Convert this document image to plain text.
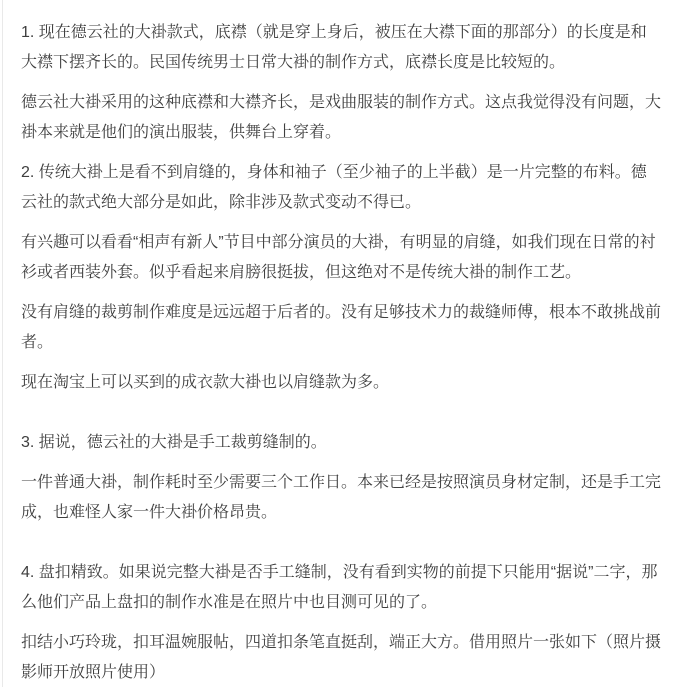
1. 现在德云社的大褂款式，底襟（就是穿上身后，被压在大襟下面的那部分）的长度是和大襟下摆齐长的。民国传统男士日常大褂的制作方式，底襟长度是比较短的。

德云社大褂采用的这种底襟和大襟齐长，是戏曲服装的制作方式。这点我觉得没有问题，大褂本来就是他们的演出服装，供舞台上穿着。

2. 传统大褂上是看不到肩缝的，身体和袖子（至少袖子的上半截）是一片完整的布料。德云社的款式绝大部分是如此，除非涉及款式变动不得已。

有兴趣可以看看“相声有新人”节目中部分演员的大褂，有明显的肩缝，如我们现在日常的衬衫或者西装外套。似乎看起来肩膀很挺拔，但这绝对不是传统大褂的制作工艺。

没有肩缝的裁剪制作难度是远远超于后者的。没有足够技术力的裁缝师傅，根本不敢挑战前者。

现在淘宝上可以买到的成衣款大褂也以肩缝款为多。

3. 据说，德云社的大褂是手工裁剪缝制的。

一件普通大褂，制作耗时至少需要三个工作日。本来已经是按照演员身材定制，还是手工完成，也难怪人家一件大褂价格昂贵。

4. 盘扣精致。如果说完整大褂是否手工缝制，没有看到实物的前提下只能用“据说”二字，那么他们产品上盘扣的制作水准是在照片中也目测可见的了。

扣结小巧玲珑，扣耳温婉服帖，四道扣条笔直挺刮，端正大方。借用照片一张如下（照片摄影师开放照片使用）
